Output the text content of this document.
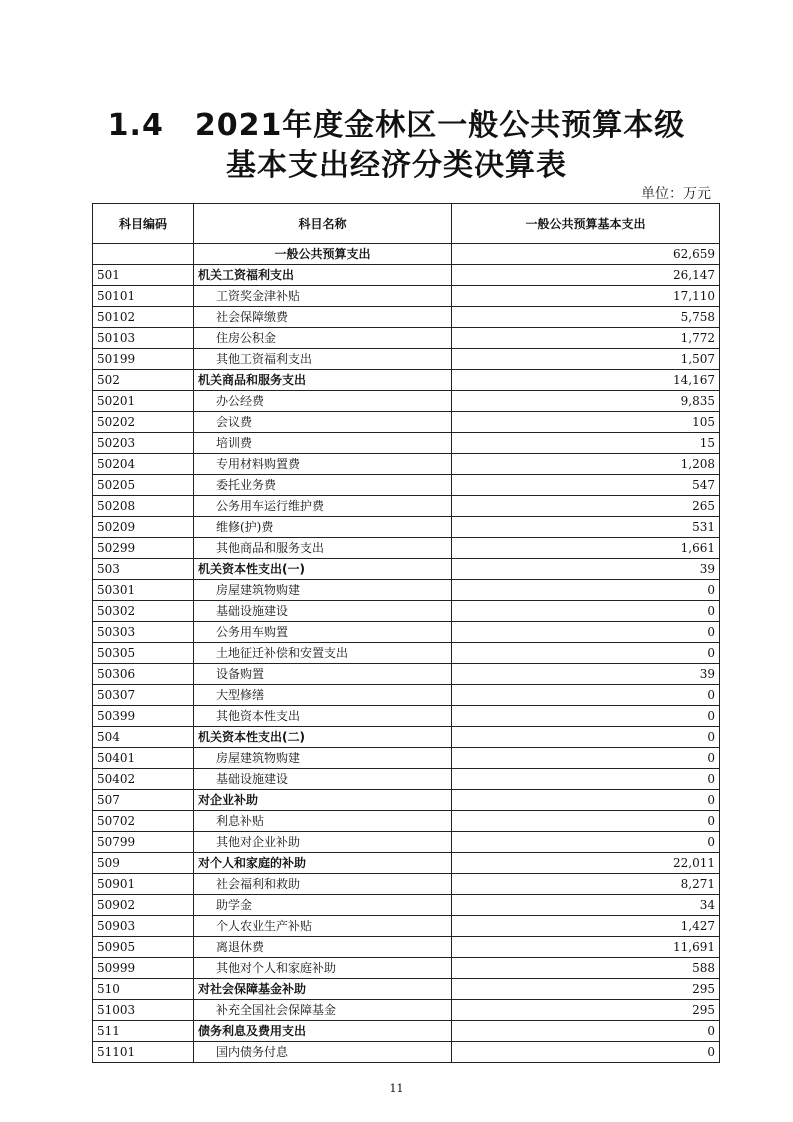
1.4　2021年度金林区一般公共预算本级
基本支出经济分类决算表
单位：万元
科目编码	科目名称	一般公共预算基本支出
	一般公共预算支出	62,659
501	机关工资福利支出	26,147
50101	工资奖金津补贴	17,110
50102	社会保障缴费	5,758
50103	住房公积金	1,772
50199	其他工资福利支出	1,507
502	机关商品和服务支出	14,167
50201	办公经费	9,835
50202	会议费	105
50203	培训费	15
50204	专用材料购置费	1,208
50205	委托业务费	547
50208	公务用车运行维护费	265
50209	维修(护)费	531
50299	其他商品和服务支出	1,661
503	机关资本性支出(一)	39
50301	房屋建筑物购建	0
50302	基础设施建设	0
50303	公务用车购置	0
50305	土地征迁补偿和安置支出	0
50306	设备购置	39
50307	大型修缮	0
50399	其他资本性支出	0
504	机关资本性支出(二)	0
50401	房屋建筑物购建	0
50402	基础设施建设	0
507	对企业补助	0
50702	利息补贴	0
50799	其他对企业补助	0
509	对个人和家庭的补助	22,011
50901	社会福利和救助	8,271
50902	助学金	34
50903	个人农业生产补贴	1,427
50905	离退休费	11,691
50999	其他对个人和家庭补助	588
510	对社会保障基金补助	295
51003	补充全国社会保障基金	295
511	债务利息及费用支出	0
51101	国内债务付息	0
11
